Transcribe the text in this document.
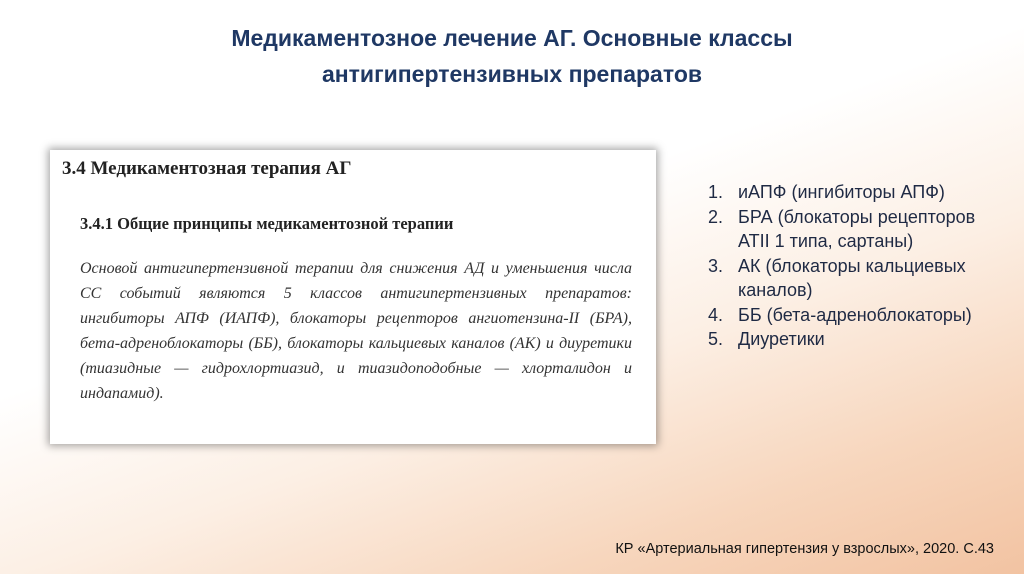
Медикаментозное лечение АГ. Основные классы
антигипертензивных препаратов
3.4 Медикаментозная терапия АГ
3.4.1 Общие принципы медикаментозной терапии
Основой антигипертензивной терапии для снижения АД и уменьшения числа СС событий являются 5 классов антигипертензивных препаратов: ингибиторы АПФ (ИАПФ), блокаторы рецепторов ангиотензина-II (БРА), бета-адреноблокаторы (ББ), блокаторы кальциевых каналов (АК) и диуретики (тиазидные — гидрохлортиазид, и тиазидоподобные — хлорталидон и индапамид).
1. иАПФ (ингибиторы АПФ)
2. БРА (блокаторы рецепторов АТII 1 типа, сартаны)
3. АК (блокаторы кальциевых каналов)
4. ББ (бета-адреноблокаторы)
5. Диуретики
КР «Артериальная гипертензия у взрослых», 2020. С.43
